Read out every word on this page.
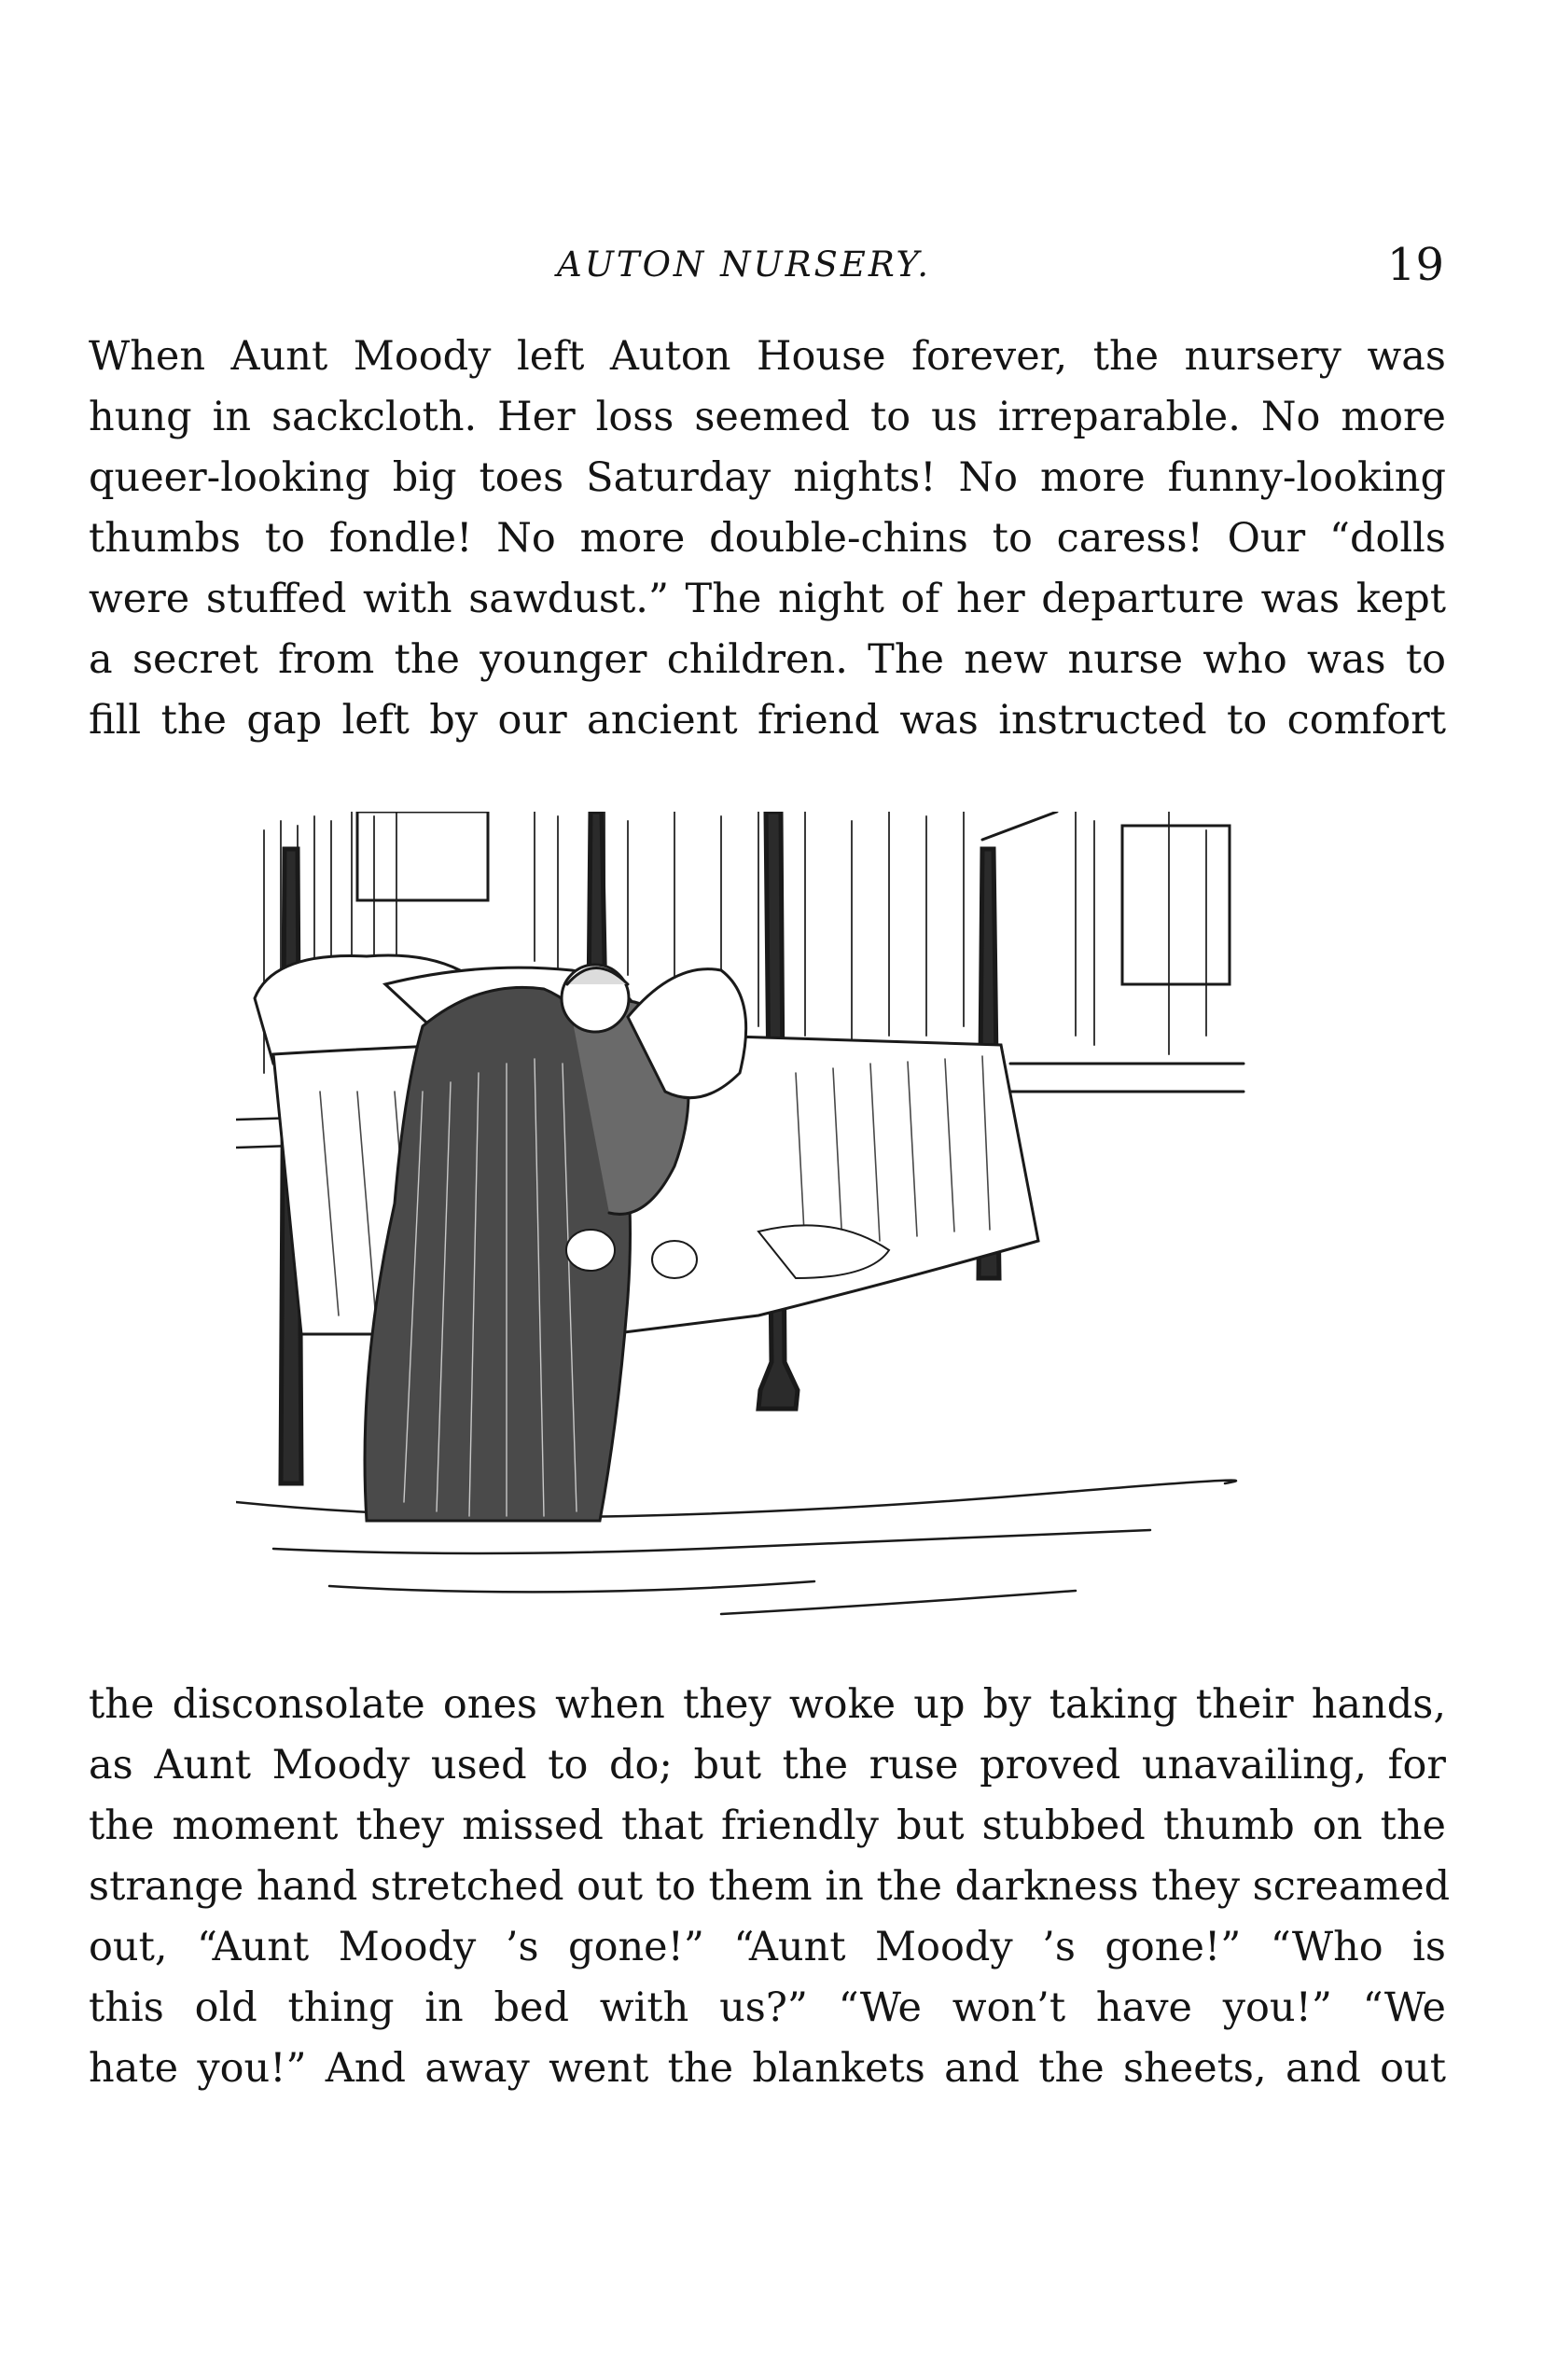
AUTON NURSERY.	19
When Aunt Moody left Auton House forever, the nursery was
hung in sackcloth. Her loss seemed to us irreparable. No more
queer-looking big toes Saturday nights! No more funny-looking
thumbs to fondle! No more double-chins to caress! Our “dolls
were stuffed with sawdust.” The night of her departure was kept
a secret from the younger children. The new nurse who was to
fill the gap left by our ancient friend was instructed to comfort
the disconsolate ones when they woke up by taking their hands,
as Aunt Moody used to do; but the ruse proved unavailing, for
the moment they missed that friendly but stubbed thumb on the
strange hand stretched out to them in the darkness they screamed
out, “Aunt Moody ’s gone!” “Aunt Moody ’s gone!” “Who is
this old thing in bed with us?” “We won’t have you!” “We
hate you!” And away went the blankets and the sheets, and out
